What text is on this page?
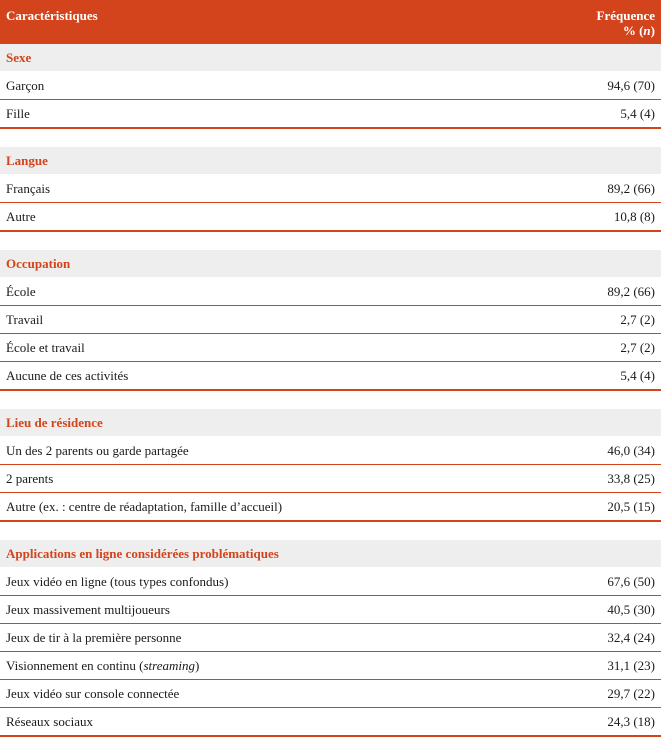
Caractéristiques	Fréquence
% (n)
Sexe
Garçon	94,6 (70)
Fille	5,4 (4)
Langue
Français	89,2 (66)
Autre	10,8 (8)
Occupation
École	89,2 (66)
Travail	2,7 (2)
École et travail	2,7 (2)
Aucune de ces activités	5,4 (4)
Lieu de résidence
Un des 2 parents ou garde partagée	46,0 (34)
2 parents	33,8 (25)
Autre (ex. : centre de réadaptation, famille d’accueil)	20,5 (15)
Applications en ligne considérées problématiques
Jeux vidéo en ligne (tous types confondus)	67,6 (50)
Jeux massivement multijoueurs	40,5 (30)
Jeux de tir à la première personne	32,4 (24)
Visionnement en continu (streaming)	31,1 (23)
Jeux vidéo sur console connectée	29,7 (22)
Réseaux sociaux	24,3 (18)
